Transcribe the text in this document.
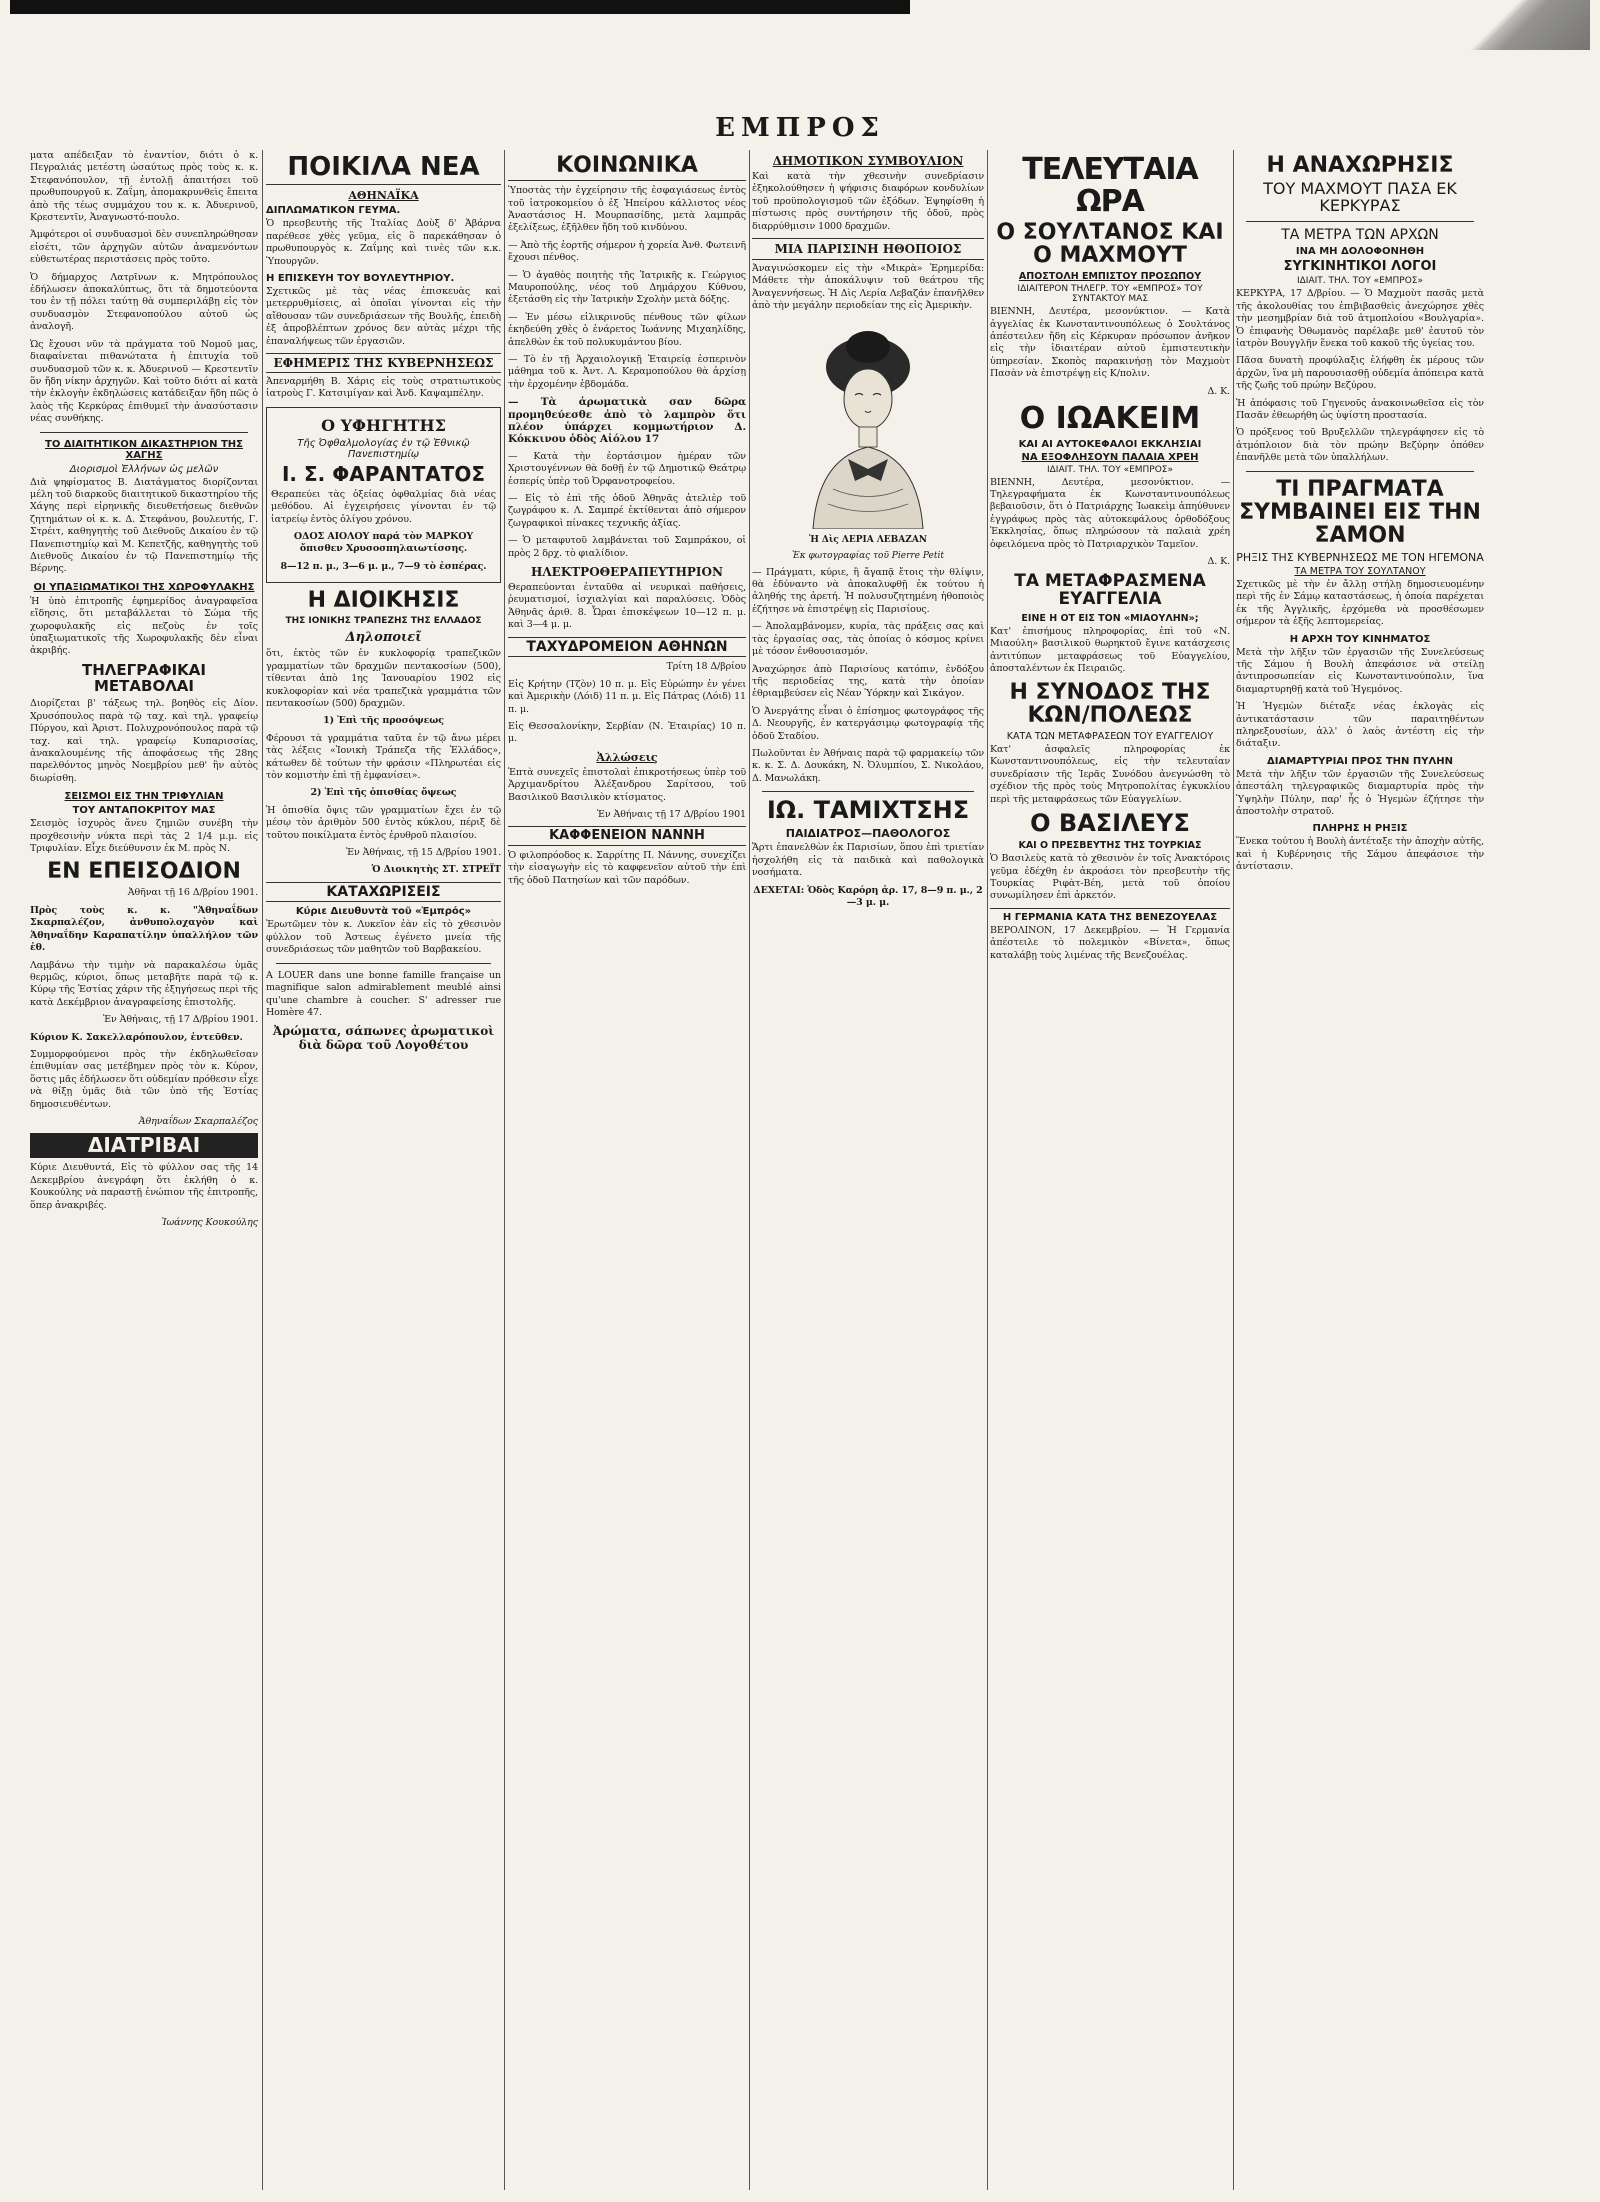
ΕΜΠΡΟΣ

ματα απέδειξαν τὸ ἐναντίον, διότι ὁ κ. Πεγραλιάς μετέστη ὡσαύτως πρὸς τοὺς κ. κ. Στεφανόπουλον, τῇ ἐντολῇ ἀπαιτήσει τοῦ πρωθυπουργοῦ κ. Ζαΐμη, ἀπομακρυνθεὶς ἔπειτα ἀπὸ τῆς τέως συμμάχου του κ. κ. Ἀδυερινοῦ, Κρεστεντῖν, Ἀναγνωστό-πουλο.

Ἀμφότεροι οἱ συνδυασμοὶ δὲν συνεπληρώθησαν εἰσέτι, τῶν ἀρχηγῶν αὐτῶν ἀναμενόντων εὐθετωτέρας περιστάσεις πρὸς τοῦτο.

Ὁ δήμαρχος Λατρῖνων κ. Μητρόπουλος ἐδήλωσεν ἀποκαλύπτως, ὅτι τὰ δημοτεύοντα του ἐν τῇ πόλει ταύτῃ θὰ συμπεριλάβῃ εἰς τὸν συνδυασμὸν Στεφανοπούλου αὐτοῦ ὡς ἀναλογῆ.

Ὡς ἔχουσι νῦν τὰ πράγματα τοῦ Νομοῦ μας, διαφαίνεται πιθανώτατα ἡ ἐπιτυχία τοῦ συνδυασμοῦ τῶν κ. κ. Ἀδυερινοῦ — Κρεστεντῖν ὅν ἤδη νίκην ἀρχηγῶν. Καὶ τοῦτο διότι αἱ κατὰ τὴν ἐκλογὴν ἐκδηλώσεις κατάδειξαν ἤδη πῶς ὁ λαὸς τῆς Κερκύρας ἐπιθυμεῖ τὴν ἀνασύστασιν νέας συνθήκης.

ΤΟ ΔΙΑΙΤΗΤΙΚΟΝ ΔΙΚΑΣΤΗΡΙΟΝ ΤΗΣ ΧΑΓΗΣ
Διορισμοὶ Ἑλλήνων ὡς μελῶν

Διὰ ψηφίσματος Β. Διατάγματος διορίζονται μέλη τοῦ διαρκοῦς διαιτητικοῦ δικαστηρίου τῆς Χάγης περὶ εἰρηνικῆς διευθετήσεως διεθνῶν ζητημάτων οἱ κ. κ. Δ. Στεφάνου, βουλευτής, Γ. Στρέιτ, καθηγητὴς τοῦ Διεθνοῦς Δικαίου ἐν τῷ Πανεπιστημίῳ καὶ Μ. Κεπετζῆς, καθηγητὴς τοῦ Διεθνοῦς Δικαίου ἐν τῷ Πανεπιστημίῳ τῆς Βέρνης.

ΟΙ ΥΠΑΞΙΩΜΑΤΙΚΟΙ ΤΗΣ ΧΩΡΟΦΥΛΑΚΗΣ

Ἡ ὑπὸ ἐπιτροπῆς ἐφημερίδος ἀναγραφεῖσα εἴδησις, ὅτι μεταβάλλεται τὸ Σώμα τῆς χωροφυλακῆς εἰς πεζοὺς ἐν τοῖς ὑπαξιωματικοῖς τῆς Χωροφυλακῆς δὲν εἶναι ἀκριβής.

ΤΗΛΕΓΡΑΦΙΚΑΙ ΜΕΤΑΒΟΛΑΙ

Διορίζεται β' τάξεως τηλ. βοηθὸς εἰς Δίον. Χρυσόπουλος παρὰ τῷ ταχ. καὶ τηλ. γραφείῳ Πύργου, καὶ Ἀριστ. Πολυχρονόπουλος παρὰ τῷ ταχ. καὶ τηλ. γραφείῳ Κυπαρισσίας, ἀνακαλουμένης τῆς ἀποφάσεως τῆς 28ης παρελθόντος μηνὸς Νοεμβρίου μεθ' ἣν αὐτὸς διωρίσθη.

ΣΕΙΣΜΟΙ ΕΙΣ ΤΗΝ ΤΡΙΦΥΛΙΑΝ
ΤΟΥ ΑΝΤΑΠΟΚΡΙΤΟΥ ΜΑΣ

Σεισμὸς ἰσχυρὸς ἄνευ ζημιῶν συνέβη τὴν προχθεσινὴν νύκτα περὶ τὰς 2 1/4 μ.μ. εἰς Τριφυλίαν. Εἶχε διεύθυνσιν ἐκ Μ. πρὸς Ν.

ΕΝ ΕΠΕΙΣΟΔΙΟΝ

Ἀθῆναι τῇ 16 Δ/βρίου 1901.

Πρὸς τοὺς κ. κ. "Ἀθηναΐδων Σκαρπαλέζον, ἀνθυπολοχαγὸν καὶ Ἀθηναΐδην Καραπατίλην ὑπαλλήλον τῶν ἐθ.

Λαμβάνω τὴν τιμὴν νὰ παρακαλέσω ὑμᾶς θερμῶς, κύριοι, ὅπως μεταβῆτε παρὰ τῷ κ. Κύρῳ τῆς Ἑστίας χάριν τῆς ἐξηγήσεως περὶ τῆς κατὰ Δεκέμβριον ἀναγραφείσης ἐπιστολῆς.

Ἐν Ἀθήναις, τῇ 17 Δ/βρίου 1901.

Κύριον Κ. Σακελλαρόπουλον, ἐντεῦθεν.

Συμμορφούμενοι πρὸς τὴν ἐκδηλωθεῖσαν ἐπιθυμίαν σας μετέβημεν πρὸς τὸν κ. Κύρον, ὅστις μᾶς ἐδήλωσεν ὅτι οὐδεμίαν πρόθεσιν εἶχε νὰ θίξῃ ὑμᾶς διὰ τῶν ὑπὸ τῆς Ἑστίας δημοσιευθέντων.

Ἀθηναΐδων Σκαρπαλέζος

ΔΙΑΤΡΙΒΑΙ

Κύριε Διευθυντά, Εἰς τὸ φύλλον σας τῆς 14 Δεκεμβρίου ἀνεγράφη ὅτι ἐκλήθη ὁ κ. Κουκούλης νὰ παραστῇ ἐνώπιον τῆς ἐπιτροπῆς, ὅπερ ἀνακριβές.

Ἰωάννης Κουκούλης

ΠΟΙΚΙΛΑ ΝΕΑ
ΑΘΗΝΑΪΚΑ
ΔΙΠΛΩΜΑΤΙΚΟΝ ΓΕΥΜΑ.

Ὁ πρεσβευτὴς τῆς Ἰταλίας Δοὺξ δ' Ἀβάρνα παρέθεσε χθὲς γεῦμα, εἰς ὃ παρεκάθησαν ὁ πρωθυπουργὸς κ. Ζαΐμης καὶ τινὲς τῶν κ.κ. Ὑπουργῶν.

Η ΕΠΙΣΚΕΥΗ ΤΟΥ ΒΟΥΛΕΥΤΗΡΙΟΥ.

Σχετικῶς μὲ τὰς νέας ἐπισκευὰς καὶ μετερρυθμίσεις, αἱ ὁποῖαι γίνονται εἰς τὴν αἴθουσαν τῶν συνεδριάσεων τῆς Βουλῆς, ἐπειδὴ ἐξ ἀπροβλέπτων χρόνος δεν αὐτὰς μέχρι τῆς ἐπαναλήψεως τῶν ἐργασιῶν.

ΕΦΗΜΕΡΙΣ ΤΗΣ ΚΥΒΕΡΝΗΣΕΩΣ

Ἀπεναρμήθη Β. Χάρις εἰς τοὺς στρατιωτικοὺς ἰατροὺς Γ. Κατσιμίγαν καὶ Ἀνδ. Καψαμπέλην.

Ο ΥΦΗΓΗΤΗΣ
Τῆς Ὀφθαλμολογίας ἐν τῷ Ἐθνικῷ Πανεπιστημίῳ
Ι. Σ. ΦΑΡΑΝΤΑΤΟΣ

Θεραπεύει τὰς ὀξείας ὀφθαλμίας διὰ νέας μεθόδου. Αἱ ἐγχειρήσεις γίνονται ἐν τῷ ἰατρείῳ ἐντὸς ὀλίγου χρόνου.

ΟΔΟΣ ΑΙΟΛΟΥ παρά τὸν ΜΑΡΚΟΥ ὄπισθεν Χρυσοσπηλαιωτίσσης.

8—12 π. μ., 3—6 μ. μ., 7—9 τὸ ἑσπέρας.

Η ΔΙΟΙΚΗΣΙΣ
ΤΗΣ ΙΟΝΙΚΗΣ ΤΡΑΠΕΖΗΣ ΤΗΣ ΕΛΛΑΔΟΣ
Δηλοποιεῖ

ὅτι, ἐκτὸς τῶν ἐν κυκλοφορίᾳ τραπεζικῶν γραμματίων τῶν δραχμῶν πεντακοσίων (500), τίθενται ἀπὸ 1ης Ἰανουαρίου 1902 εἰς κυκλοφορίαν καὶ νέα τραπεζικὰ γραμμάτια τῶν πεντακοσίων (500) δραχμῶν.

1) Ἐπὶ τῆς προσόψεως

Φέρουσι τὰ γραμμάτια ταῦτα ἐν τῷ ἄνω μέρει τὰς λέξεις «Ἰονικὴ Τράπεζα τῆς Ἑλλάδος», κάτωθεν δὲ τούτων τὴν φράσιν «Πληρωτέαι εἰς τὸν κομιστὴν ἐπὶ τῇ ἐμφανίσει».

2) Ἐπὶ τῆς ὀπισθίας ὄψεως

Ἡ ὀπισθία ὄψις τῶν γραμματίων ἔχει ἐν τῷ μέσῳ τὸν ἀριθμὸν 500 ἐντὸς κύκλου, πέριξ δὲ τοῦτου ποικίλματα ἐντὸς ἐρυθροῦ πλαισίου.

Ἐν Ἀθήναις, τῇ 15 Δ/βρίου 1901.

Ὁ Διοικητὴς ΣΤ. ΣΤΡΕΪΤ

ΚΑΤΑΧΩΡΙΣΕΙΣ
Κύριε Διευθυντὰ τοῦ «Ἐμπρός»

Ἐρωτῶμεν τὸν κ. Λυκεῖον ἐὰν εἰς τὸ χθεσινὸν φύλλον τοῦ Ἀστεως ἐγένετο μνεία τῆς συνεδριάσεως τῶν μαθητῶν τοῦ Βαρβακείου.

A LOUER dans une bonne famille française un magnifique salon admirablement meublé ainsi qu'une chambre à coucher. S' adresser rue Homère 47.

Ἀρώματα, σάπωνες ἀρωματικοὶ διὰ δῶρα τοῦ Λογοθέτου
ΚΟΙΝΩΝΙΚΑ

Ὑποστὰς τὴν ἐγχείρησιν τῆς ἐσφαγιάσεως ἐντὸς τοῦ ἰατροκομείου ὁ ἐξ Ἠπείρου κάλλιστος νέος Ἀναστάσιος Η. Μουρπασίδης, μετὰ λαμπρᾶς ἐξελίξεως, ἐξῆλθεν ἤδη τοῦ κινδύνου.

— Ἀπὸ τῆς ἑορτῆς σήμερον ἡ χορεία Ἀνθ. Φωτεινῆ ἔχουσι πένθος.

— Ὁ ἀγαθὸς ποιητὴς τῆς Ἰατρικῆς κ. Γεώργιος Μαυροπούλης, νέος τοῦ Δημάρχου Κύθνου, ἐξετάσθη εἰς τὴν Ἰατρικὴν Σχολὴν μετὰ δόξης.

— Ἐν μέσω εἰλικρινοῦς πένθους τῶν φίλων ἐκηδεύθη χθὲς ὁ ἐνάρετος Ἰωάννης Μιχαηλίδης, ἀπελθὼν ἐκ τοῦ πολυκυμάντου βίου.

— Τὸ ἐν τῇ Ἀρχαιολογικῇ Ἑταιρείᾳ ἐσπερινὸν μάθημα τοῦ κ. Ἀντ. Λ. Κεραμοπούλου θὰ ἀρχίσῃ τὴν ἐρχομένην ἑβδομάδα.

— Τὰ ἀρωματικὰ σαν δῶρα προμηθεύεσθε ἀπὸ τὸ λαμπρὸν ὅτι πλέον ὑπάρχει κομμωτήριον Δ. Κόκκινου ὁδὸς Αἰόλου 17

— Κατὰ τὴν ἐορτάσιμον ἡμέραν τῶν Χριστουγέννων θὰ δοθῇ ἐν τῷ Δημοτικῷ Θεάτρῳ ἐσπερίς ὑπὲρ τοῦ Ὀρφανοτροφείου.

— Εἰς τὸ ἐπὶ τῆς ὁδοῦ Ἀθηνᾶς ἀτελιὲρ τοῦ ζωγράφου κ. Λ. Σαμπρέ ἐκτίθενται ἀπὸ σήμερον ζωγραφικοὶ πίνακες τεχνικῆς ἀξίας.

— Ὁ μεταφυτοῦ λαμβάνεται τοῦ Σαμπράκου, οἱ πρὸς 2 δρχ. τὸ φιαλίδιον.

ΗΛΕΚΤΡΟΘΕΡΑΠΕΥΤΗΡΙΟΝ

Θεραπεύονται ἐνταῦθα αἱ νευρικαὶ παθήσεις, ῥευματισμοί, ἰσχιαλγίαι καὶ παραλύσεις. Ὁδὸς Ἀθηνᾶς ἀριθ. 8. Ὧραι ἐπισκέψεων 10—12 π. μ. καὶ 3—4 μ. μ.

ΤΑΧΥΔΡΟΜΕΙΟΝ ΑΘΗΝΩΝ

Τρίτη 18 Δ/βρίου

Εἰς Κρήτην (Τζὸν) 10 π. μ. Εἰς Εὐρώπην ἐν γένει καὶ Ἀμερικὴν (Λόιδ) 11 π. μ. Εἰς Πάτρας (Λόιδ) 11 π. μ.

Εἰς Θεσσαλονίκην, Σερβίαν (Ν. Ἑταιρίας) 10 π. μ.

Ἀλλώσεις

Ἑπτὰ συνεχεῖς ἐπιστολαὶ ἐπικροτήσεως ὑπὲρ τοῦ Ἀρχιμανδρίτου Ἀλέξανδρου Σαρίτσου, τοῦ Βασιλικοῦ Βασιλικὸν κτίσματος.

Ἐν Ἀθήναις τῇ 17 Δ/βρίου 1901

ΚΑΦΦΕΝΕΙΟΝ ΝΑΝΝΗ

Ὁ φιλοπρόοδος κ. Σαρρίτης Π. Νάννης, συνεχίζει τὴν εἰσαγωγὴν εἰς τὸ καφφενεῖον αὐτοῦ τὴν ἐπὶ τῆς ὁδοῦ Πατησίων καὶ τῶν παρόδων.

ΔΗΜΟΤΙΚΟΝ ΣΥΜΒΟΥΛΙΟΝ

Καὶ κατὰ τὴν χθεσινὴν συνεδρίασιν ἐξηκολούθησεν ἡ ψήφισις διαφόρων κονδυλίων τοῦ προϋπολογισμοῦ τῶν ἐξόδων. Ἐψηφίσθη ἡ πίστωσις πρὸς συντήρησιν τῆς ὁδοῦ, πρὸς διαρρύθμισιν 1000 δραχμῶν.

ΜΙΑ ΠΑΡΙΣΙΝΗ ΗΘΟΠΟΙΟΣ

Ἀναγινώσκομεν εἰς τὴν «Μικρὰ» Ἑρημερίδα: Μάθετε τὴν ἀποκάλυψιν τοῦ θεάτρου τῆς Ἀναγεννήσεως. Ἡ Δὶς Λερία Λεβαζάν ἐπανῆλθεν ἀπὸ τὴν μεγάλην περιοδείαν της εἰς Ἀμερικὴν.

Ἡ Δὶς ΛΕΡΙΑ ΛΕΒΑΖΑΝ
Ἐκ φωτογραφίας τοῦ Pierre Petit

— Πράγματι, κύριε, ἢ ἄγαπᾷ ἔτοις τὴν θλίψιν, θὰ ἐδύναντο νὰ ἀποκαλυφθῇ ἐκ τούτου ἡ ἀληθής της ἀρετή. Ἡ πολυσυζητημένη ἡθοποιὸς ἐζήτησε νὰ ἐπιστρέψῃ εἰς Παρισίους.

— Ἀπολαμβάνομεν, κυρία, τὰς πράξεις σας καὶ τὰς ἐργασίας σας, τὰς ὁποίας ὁ κόσμος κρίνει μὲ τόσον ἐνθουσιασμόν.

Ἀναχώρησε ἀπὸ Παρισίους κατόπιν, ἐνδόξου τῆς περιοδείας της, κατὰ τὴν ὁποίαν ἐθριαμβεύσεν εἰς Νέαν Ὑόρκην καὶ Σικάγον.

Ὁ Ἀνεργάτης εἶναι ὁ ἐπίσημος φωτογράφος τῆς Δ. Νεουργῆς, ἐν κατεργάσιμῳ φωτογραφίᾳ τῆς ὁδοῦ Σταδίου.

Πωλοῦνται ἐν Ἀθήναις παρὰ τῷ φαρμακείῳ τῶν κ. κ. Σ. Δ. Δουκάκη, Ν. Ὀλυμπίου, Σ. Νικολάου, Δ. Μανωλάκη.

ΙΩ. ΤΑΜΙΧΤΣΗΣ
ΠΑΙΔΙΑΤΡΟΣ—ΠΑΘΟΛΟΓΟΣ

Ἄρτι ἐπανελθὼν ἐκ Παρισίων, ὅπου ἐπὶ τριετίαν ἠσχολήθη εἰς τὰ παιδικὰ καὶ παθολογικὰ νοσήματα.

ΔΕΧΕΤΑΙ: Ὁδὸς Καρόρη ἀρ. 17, 8—9 π. μ., 2—3 μ. μ.

ΤΕΛΕΥΤΑΙΑ ΩΡΑ
Ο ΣΟΥΛΤΑΝΟΣ ΚΑΙ Ο ΜΑΧΜΟΥΤ
ΑΠΟΣΤΟΛΗ ΕΜΠΙΣΤΟΥ ΠΡΟΣΩΠΟΥ
ΙΔΙΑΙΤΕΡΟΝ ΤΗΛΕΓΡ. ΤΟΥ «ΕΜΠΡΟΣ» ΤΟΥ ΣΥΝΤΑΚΤΟΥ ΜΑΣ

ΒΙΕΝΝΗ, Δευτέρα, μεσονύκτιον. — Κατὰ ἀγγελίας ἐκ Κωνσταντινουπόλεως ὁ Σουλτάνος ἀπέστειλεν ἤδη εἰς Κέρκυραν πρόσωπον ἀνῆκον εἰς τὴν ἰδιαιτέραν αὐτοῦ ἐμπιστευτικὴν ὑπηρεσίαν. Σκοπὸς παρακινήσῃ τὸν Μαχμοὺτ Πασὰν νὰ ἐπιστρέψῃ εἰς Κ/πολιν.

Δ. Κ.

Ο ΙΩΑΚΕΙΜ
ΚΑΙ ΑΙ ΑΥΤΟΚΕΦΑΛΟΙ ΕΚΚΛΗΣΙΑΙ
ΝΑ ΕΞΟΦΛΗΣΟΥΝ ΠΑΛΑΙΑ ΧΡΕΗ
ΙΔΙΑΙΤ. ΤΗΛ. ΤΟΥ «ΕΜΠΡΟΣ»

ΒΙΕΝΝΗ, Δευτέρα, μεσονύκτιον. — Τηλεγραφήματα ἐκ Κωνσταντινουπόλεως βεβαιοῦσιν, ὅτι ὁ Πατριάρχης Ἰωακεὶμ ἀπηύθυνεν ἐγγράφως πρὸς τὰς αὐτοκεφάλους ὀρθοδόξους Ἐκκλησίας, ὅπως πληρώσουν τὰ παλαιὰ χρέη ὀφειλόμενα πρὸς τὸ Πατριαρχικὸν Ταμεῖον.

Δ. Κ.

ΤΑ ΜΕΤΑΦΡΑΣΜΕΝΑ ΕΥΑΓΓΕΛΙΑ
ΕΙΝΕ Η ΟΤ ΕΙΣ ΤΟΝ «ΜΙΑΟΥΛΗΝ»;

Κατ' ἐπισήμους πληροφορίας, ἐπὶ τοῦ «Ν. Μιαούλη» βασιλικοῦ θωρηκτοῦ ἔγινε κατάσχεσις ἀντιτύπων μεταφράσεως τοῦ Εὐαγγελίου, ἀποσταλέντων ἐκ Πειραιῶς.

Η ΣΥΝΟΔΟΣ ΤΗΣ ΚΩΝ/ΠΟΛΕΩΣ
ΚΑΤΑ ΤΩΝ ΜΕΤΑΦΡΑΣΕΩΝ ΤΟΥ ΕΥΑΓΓΕΛΙΟΥ

Κατ' ἀσφαλεῖς πληροφορίας ἐκ Κωνσταντινουπόλεως, εἰς τὴν τελευταίαν συνεδρίασιν τῆς Ἱερᾶς Συνόδου ἀνεγνώσθη τὸ σχέδιον τῆς πρὸς τοὺς Μητροπολίτας ἐγκυκλίου περὶ τῆς μεταφράσεως τῶν Εὐαγγελίων.

Ο ΒΑΣΙΛΕΥΣ
ΚΑΙ Ο ΠΡΕΣΒΕΥΤΗΣ ΤΗΣ ΤΟΥΡΚΙΑΣ

Ὁ Βασιλεὺς κατὰ τὸ χθεσινὸν ἐν τοῖς Ἀνακτόροις γεῦμα ἐδέχθη ἐν ἀκροάσει τὸν πρεσβευτὴν τῆς Τουρκίας Ριφὰτ-Βέη, μετὰ τοῦ ὁποίου συνωμίλησεν ἐπὶ ἀρκετόν.

Η ΓΕΡΜΑΝΙΑ ΚΑΤΑ ΤΗΣ ΒΕΝΕΖΟΥΕΛΑΣ

ΒΕΡΟΛΙΝΟΝ, 17 Δεκεμβρίου. — Ἡ Γερμανία ἀπέστειλε τὸ πολεμικὸν «Βίνετα», ὅπως καταλάβῃ τοὺς λιμένας τῆς Βενεζουέλας.

Η ΑΝΑΧΩΡΗΣΙΣ
ΤΟΥ ΜΑΧΜΟΥΤ ΠΑΣΑ ΕΚ ΚΕΡΚΥΡΑΣ
ΤΑ ΜΕΤΡΑ ΤΩΝ ΑΡΧΩΝ
ΙΝΑ ΜΗ ΔΟΛΟΦΟΝΗΘΗ
ΣΥΓΚΙΝΗΤΙΚΟΙ ΛΟΓΟΙ
ΙΔΙΑΙΤ. ΤΗΛ. ΤΟΥ «ΕΜΠΡΟΣ»

ΚΕΡΚΥΡΑ, 17 Δ/βρίου. — Ὁ Μαχμοὺτ πασᾶς μετὰ τῆς ἀκολουθίας του ἐπιβιβασθεὶς ἀνεχώρησε χθὲς τὴν μεσημβρίαν διὰ τοῦ ἀτμοπλοίου «Βουλγαρία». Ὁ ἐπιφανὴς Ὀθωμανὸς παρέλαβε μεθ' ἑαυτοῦ τὸν ἰατρὸν Βουγγλῆν ἕνεκα τοῦ κακοῦ τῆς ὑγείας του.

Πᾶσα δυνατὴ προφύλαξις ἐλήφθη ἐκ μέρους τῶν ἀρχῶν, ἵνα μὴ παρουσιασθῇ οὐδεμία ἀπόπειρα κατὰ τῆς ζωῆς τοῦ πρώην Βεζύρου.

Ἡ ἀπόφασις τοῦ Γηγενοῦς ἀνακοινωθεῖσα εἰς τὸν Πασᾶν ἐθεωρήθη ὡς ὑψίστη προστασία.

Ὁ πρόξενος τοῦ Βρυξελλῶν τηλεγράφησεν εἰς τὸ ἀτμόπλοιον διὰ τὸν πρώην Βεζύρην ὁπόθεν ἐπανῆλθε μετὰ τῶν ὑπαλλήλων.

ΤΙ ΠΡΑΓΜΑΤΑ ΣΥΜΒΑΙΝΕΙ ΕΙΣ ΤΗΝ ΣΑΜΟΝ
ΡΗΞΙΣ ΤΗΣ ΚΥΒΕΡΝΗΣΕΩΣ ΜΕ ΤΟΝ ΗΓΕΜΟΝΑ
ΤΑ ΜΕΤΡΑ ΤΟΥ ΣΟΥΛΤΑΝΟΥ

Σχετικῶς μὲ τὴν ἐν ἄλλῃ στήλῃ δημοσιευομένην περὶ τῆς ἐν Σάμῳ καταστάσεως, ἡ ὁποία παρέχεται ἐκ τῆς Ἀγγλικῆς, ἐρχόμεθα νὰ προσθέσωμεν σήμερον τὰ ἑξῆς λεπτομερείας.

Η ΑΡΧΗ ΤΟΥ ΚΙΝΗΜΑΤΟΣ

Μετὰ τὴν λῆξιν τῶν ἐργασιῶν τῆς Συνελεύσεως τῆς Σάμου ἡ Βουλὴ ἀπεφάσισε νὰ στείλῃ ἀντιπροσωπείαν εἰς Κωνσταντινούπολιν, ἵνα διαμαρτυρηθῇ κατὰ τοῦ Ἡγεμόνος.

Ἡ Ἡγεμὼν διέταξε νέας ἐκλογὰς εἰς ἀντικατάστασιν τῶν παραιτηθέντων πληρεξουσίων, ἀλλ' ὁ λαὸς ἀντέστη εἰς τὴν διάταξιν.

ΔΙΑΜΑΡΤΥΡΙΑΙ ΠΡΟΣ ΤΗΝ ΠΥΛΗΝ

Μετὰ τὴν λῆξιν τῶν ἐργασιῶν τῆς Συνελεύσεως ἀπεστάλη τηλεγραφικῶς διαμαρτυρία πρὸς τὴν Ὑψηλὴν Πύλην, παρ' ἧς ὁ Ἡγεμὼν ἐζήτησε τὴν ἀποστολὴν στρατοῦ.

ΠΛΗΡΗΣ Η ΡΗΞΙΣ

Ἕνεκα τούτου ἡ Βουλὴ ἀντέταξε τὴν ἀποχὴν αὐτῆς, καὶ ἡ Κυβέρνησις τῆς Σάμου ἀπεφάσισε τὴν ἀντίστασιν.
